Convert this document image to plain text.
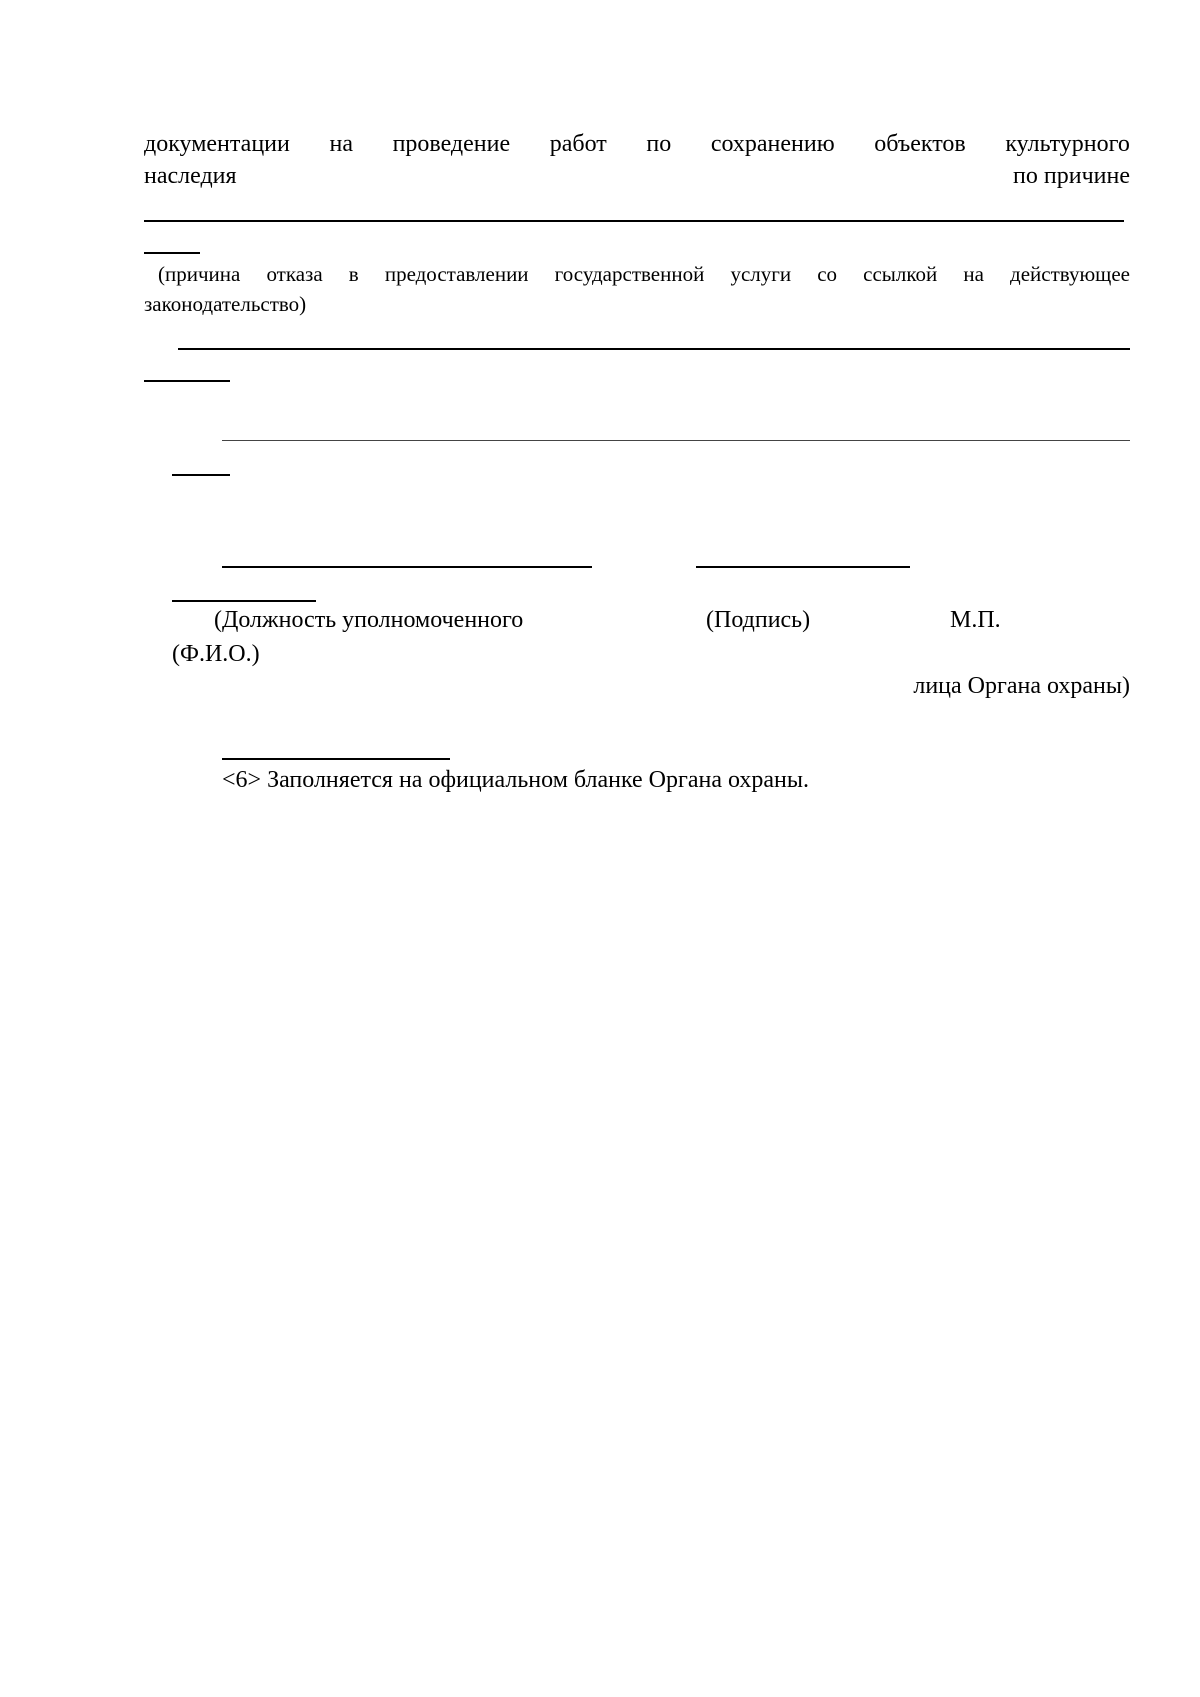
документации на проведение работ по сохранению объектов культурного
наследия	по причине
(причина отказа в предоставлении государственной услуги со ссылкой на действующее
законодательство)
(Должность уполномоченного	(Подпись)	М.П.
(Ф.И.О.)
лица Органа охраны)
<6> Заполняется на официальном бланке Органа охраны.
